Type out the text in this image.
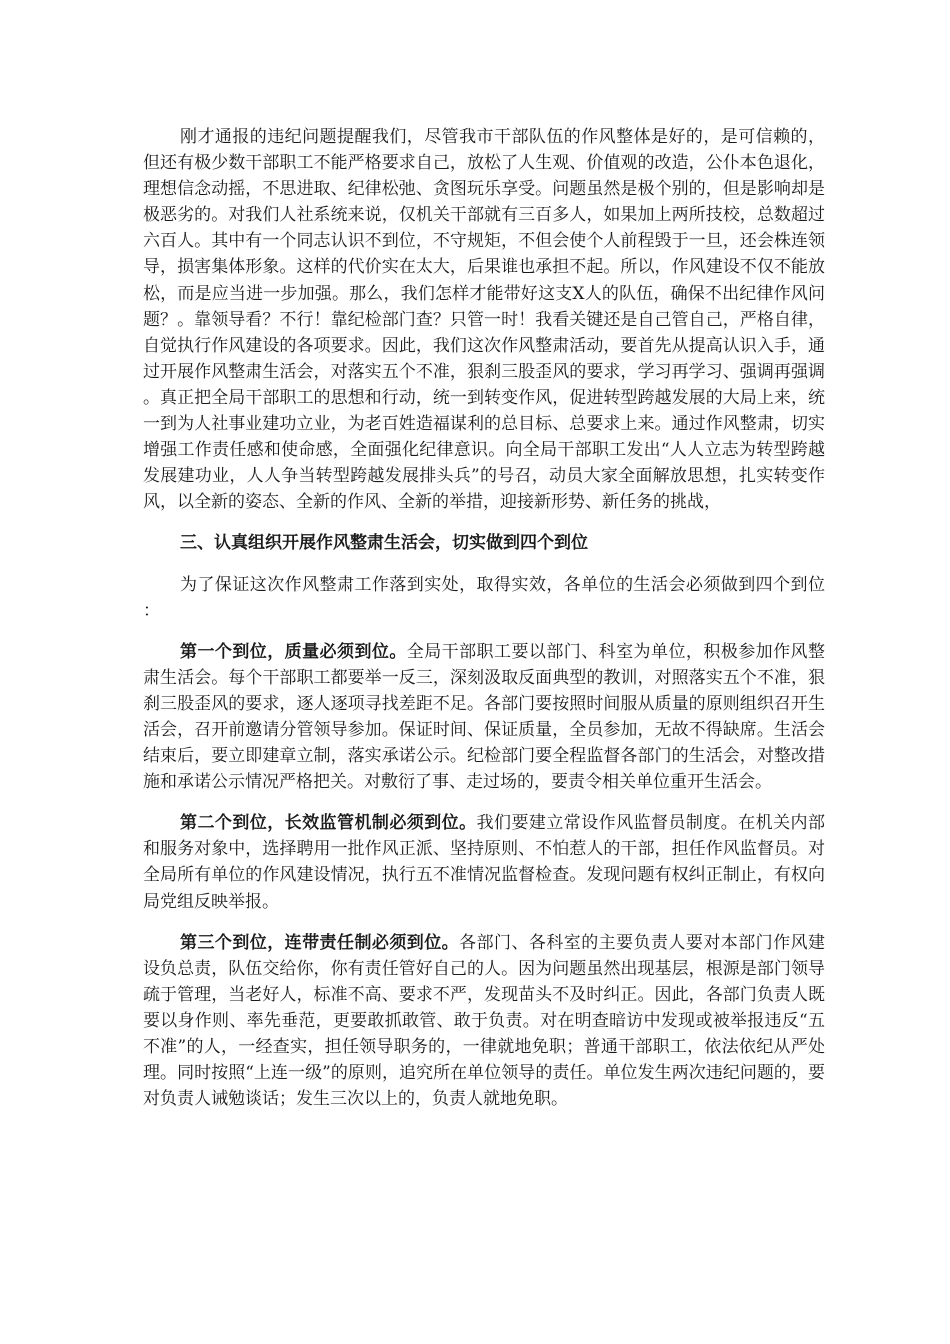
刚才通报的违纪问题提醒我们，尽管我市干部队伍的作风整体是好的，是可信赖的，但还有极少数干部职工不能严格要求自己，放松了人生观、价值观的改造，公仆本色退化，理想信念动摇，不思进取、纪律松弛、贪图玩乐享受。问题虽然是极个别的，但是影响却是极恶劣的。对我们人社系统来说，仅机关干部就有三百多人，如果加上两所技校，总数超过六百人。其中有一个同志认识不到位，不守规矩，不但会使个人前程毁于一旦，还会株连领导，损害集体形象。这样的代价实在太大，后果谁也承担不起。所以，作风建设不仅不能放松，而是应当进一步加强。那么，我们怎样才能带好这支X人的队伍，确保不出纪律作风问题？。靠领导看？不行！靠纪检部门查？只管一时！我看关键还是自己管自己，严格自律，自觉执行作风建设的各项要求。因此，我们这次作风整肃活动，要首先从提高认识入手，通过开展作风整肃生活会，对落实五个不准，狠刹三股歪风的要求，学习再学习、强调再强调。真正把全局干部职工的思想和行动，统一到转变作风，促进转型跨越发展的大局上来，统一到为人社事业建功立业，为老百姓造福谋利的总目标、总要求上来。通过作风整肃，切实增强工作责任感和使命感，全面强化纪律意识。向全局干部职工发出“人人立志为转型跨越发展建功业，人人争当转型跨越发展排头兵”的号召，动员大家全面解放思想，扎实转变作风，以全新的姿态、全新的作风、全新的举措，迎接新形势、新任务的挑战，

三、认真组织开展作风整肃生活会，切实做到四个到位

为了保证这次作风整肃工作落到实处，取得实效，各单位的生活会必须做到四个到位：

第一个到位，质量必须到位。全局干部职工要以部门、科室为单位，积极参加作风整肃生活会。每个干部职工都要举一反三，深刻汲取反面典型的教训，对照落实五个不准，狠刹三股歪风的要求，逐人逐项寻找差距不足。各部门要按照时间服从质量的原则组织召开生活会，召开前邀请分管领导参加。保证时间、保证质量，全员参加，无故不得缺席。生活会结束后，要立即建章立制，落实承诺公示。纪检部门要全程监督各部门的生活会，对整改措施和承诺公示情况严格把关。对敷衍了事、走过场的，要责令相关单位重开生活会。

第二个到位，长效监管机制必须到位。我们要建立常设作风监督员制度。在机关内部和服务对象中，选择聘用一批作风正派、坚持原则、不怕惹人的干部，担任作风监督员。对全局所有单位的作风建设情况，执行五不准情况监督检查。发现问题有权纠正制止，有权向局党组反映举报。

第三个到位，连带责任制必须到位。各部门、各科室的主要负责人要对本部门作风建设负总责，队伍交给你，你有责任管好自己的人。因为问题虽然出现基层，根源是部门领导疏于管理，当老好人，标准不高、要求不严，发现苗头不及时纠正。因此，各部门负责人既要以身作则、率先垂范，更要敢抓敢管、敢于负责。对在明查暗访中发现或被举报违反“五不准”的人，一经查实，担任领导职务的，一律就地免职；普通干部职工，依法依纪从严处理。同时按照“上连一级”的原则，追究所在单位领导的责任。单位发生两次违纪问题的，要对负责人诫勉谈话；发生三次以上的，负责人就地免职。
